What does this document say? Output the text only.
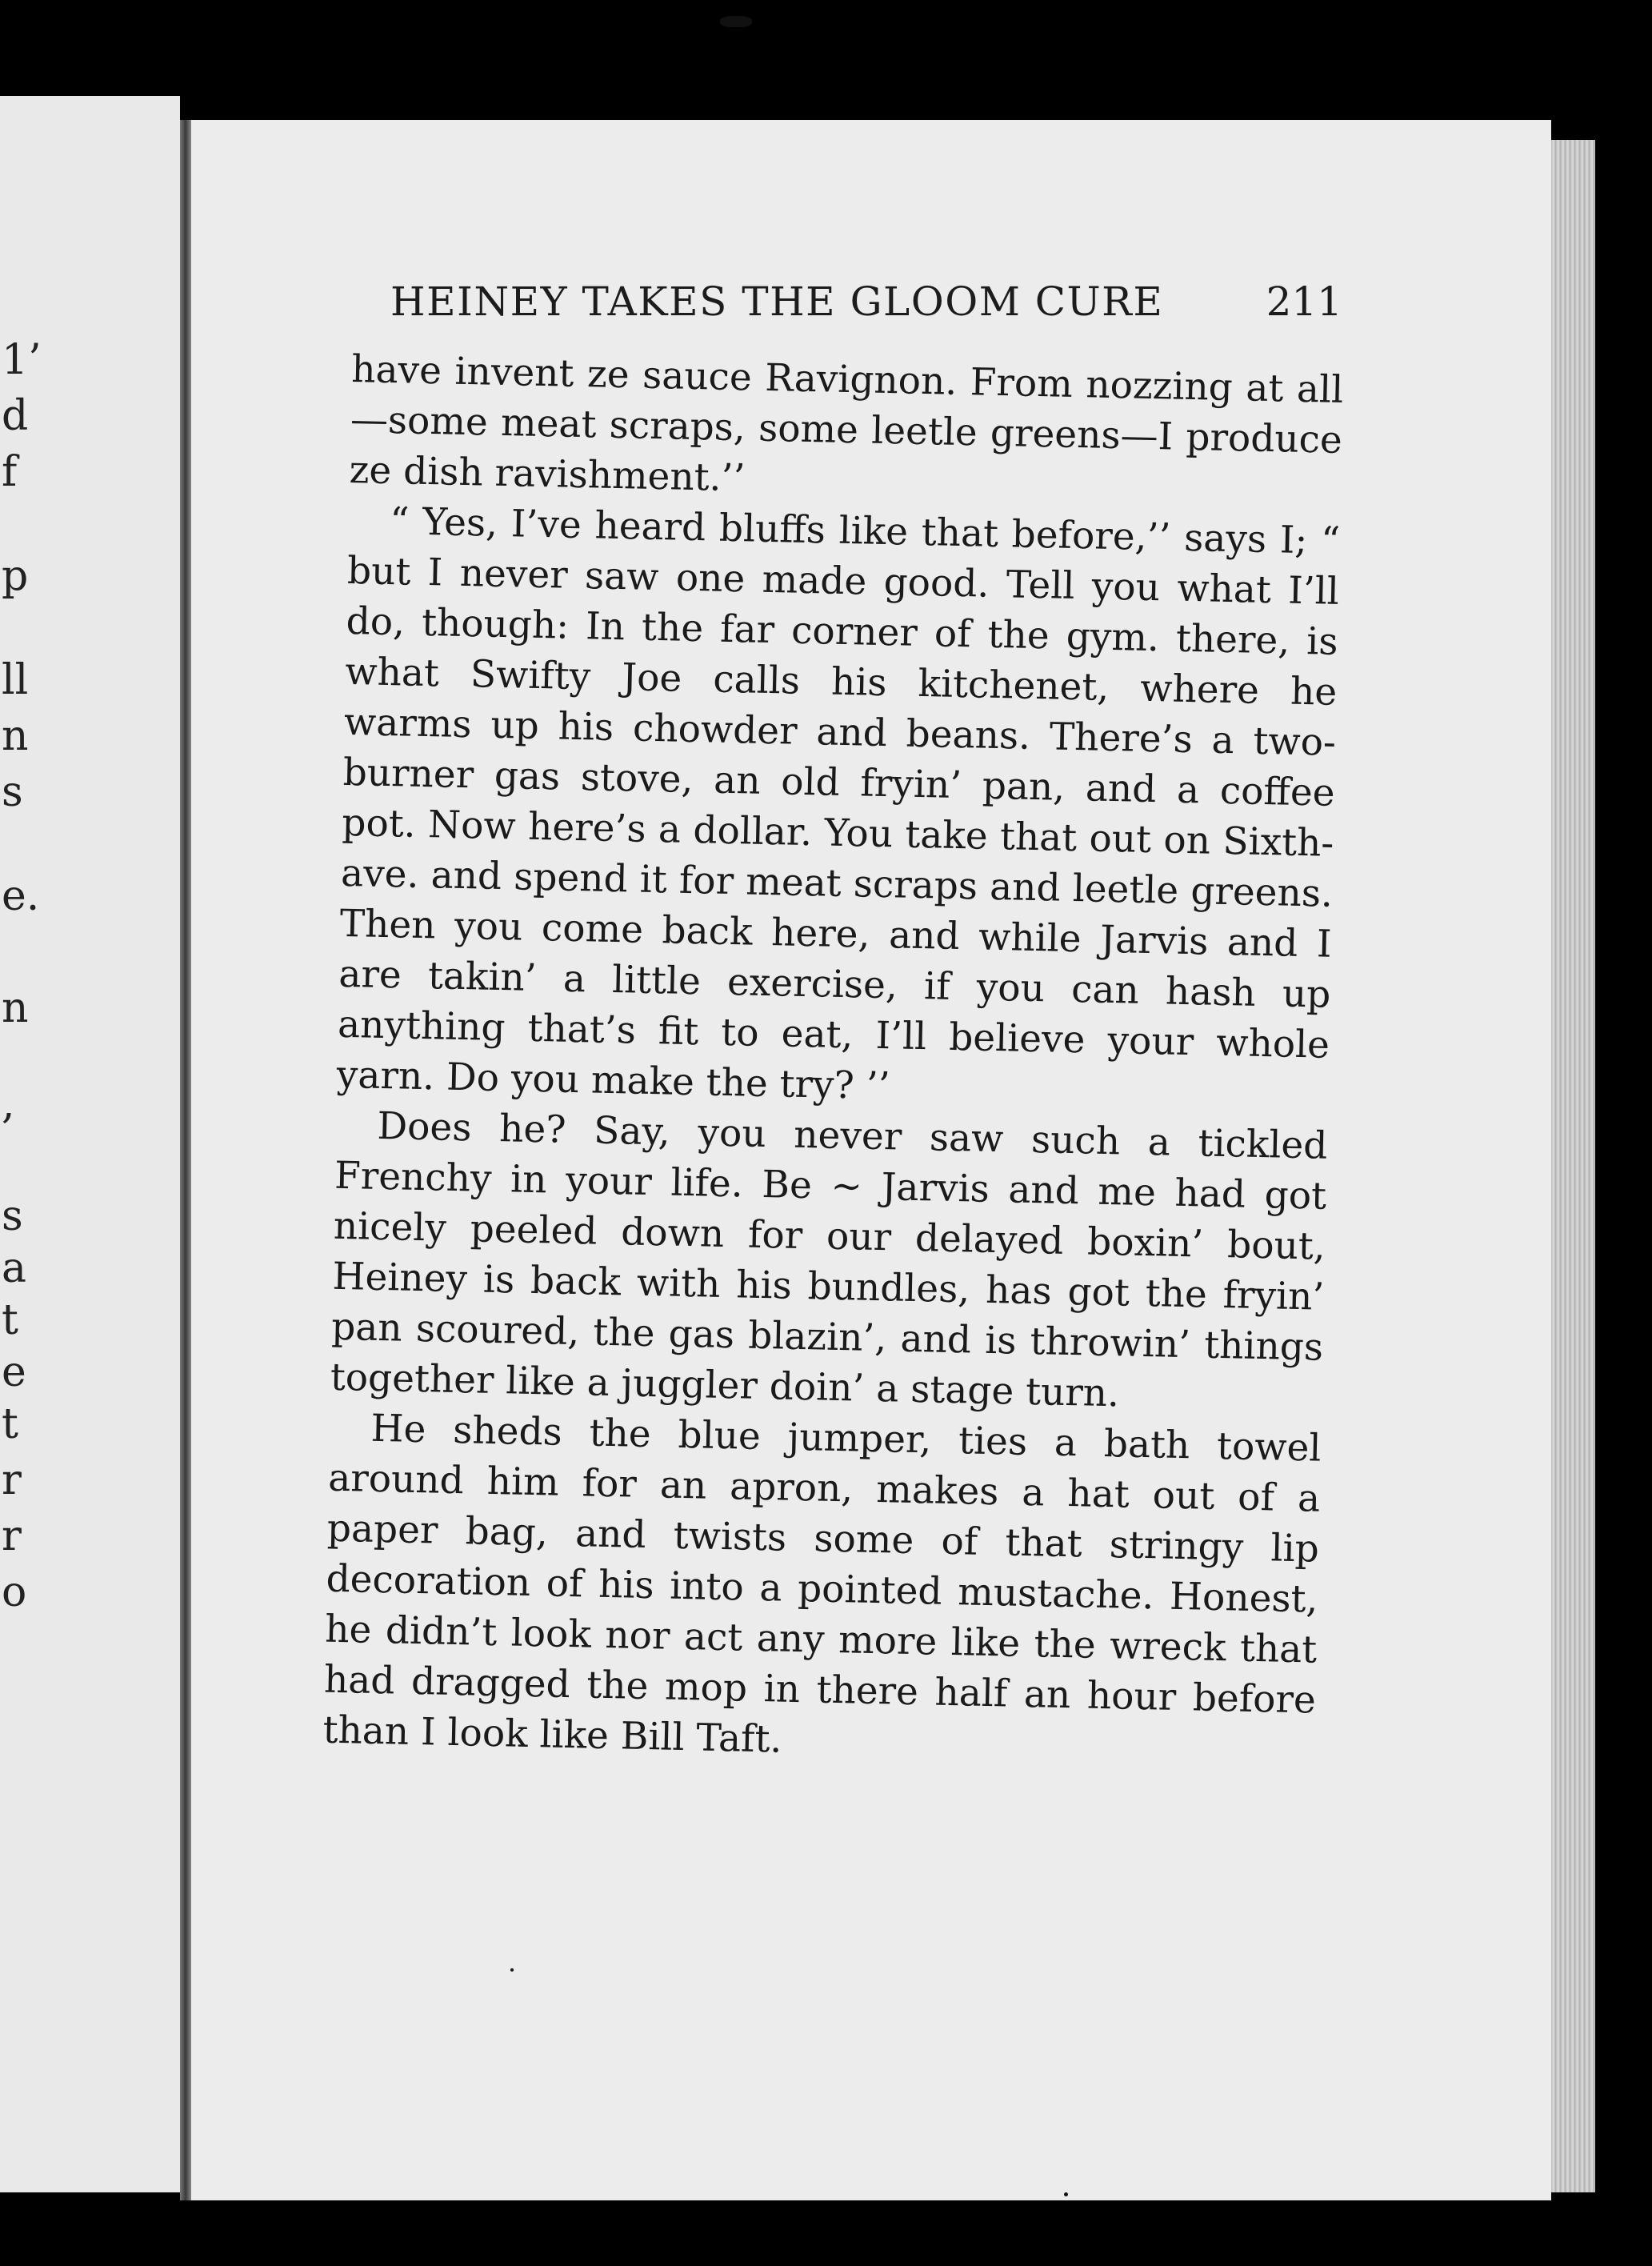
1’
d
f
p
ll
n
s
e.
n
,
s
a
t
e
t
r
r
o
HEINEY TAKES THE GLOOM CURE	211

have invent ze sauce Ravignon. From nozzing at all—some meat scraps, some leetle greens—I produce ze dish ravishment.’’

“ Yes, I’ve heard bluffs like that before,’’ says I; “ but I never saw one made good. Tell you what I’ll do, though: In the far corner of the gym. there, is what Swifty Joe calls his kitchenet, where he warms up his chowder and beans. There’s a two-burner gas stove, an old fryin’ pan, and a coffee pot. Now here’s a dollar. You take that out on Sixth-ave. and spend it for meat scraps and leetle greens. Then you come back here, and while Jarvis and I are takin’ a little exercise, if you can hash up anything that’s fit to eat, I’ll believe your whole yarn. Do you make the try? ’’

Does he? Say, you never saw such a tickled Frenchy in your life. Be ~ Jarvis and me had got nicely peeled down for our delayed boxin’ bout, Heiney is back with his bundles, has got the fryin’ pan scoured, the gas blazin’, and is throwin’ things together like a juggler doin’ a stage turn.

He sheds the blue jumper, ties a bath towel around him for an apron, makes a hat out of a paper bag, and twists some of that stringy lip decoration of his into a pointed mustache. Honest, he didn’t look nor act any more like the wreck that had dragged the mop in there half an hour before than I look like Bill Taft.
